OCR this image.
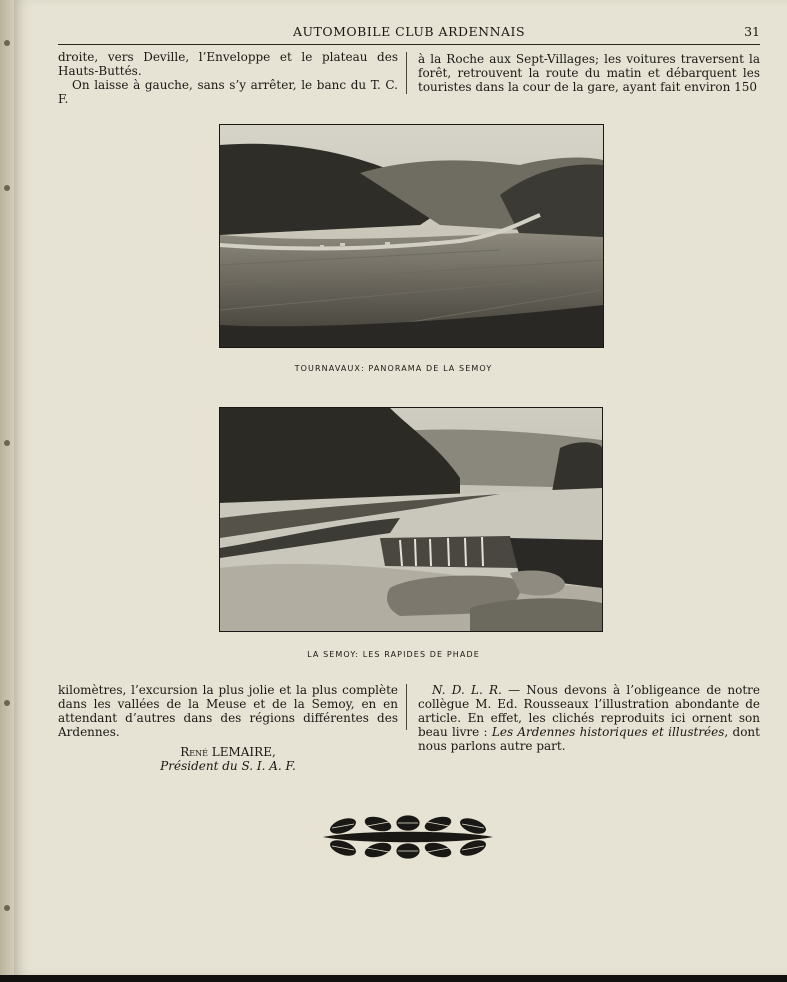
AUTOMOBILE CLUB ARDENNAIS	31

droite, vers Deville, l’Enveloppe et le plateau des Hauts-Buttés.

On laisse à gauche, sans s’y arrêter, le banc du T. C. F.

à la Roche aux Sept-Villages; les voitures traversent la forêt, retrouvent la route du matin et débarquent les touristes dans la cour de la gare, ayant fait environ 150

TOURNAVAUX: PANORAMA DE LA SEMOY
LA SEMOY: LES RAPIDES DE PHADE

kilomètres, l’excursion la plus jolie et la plus complète dans les vallées de la Meuse et de la Semoy, en en attendant d’autres dans des régions différentes des Ardennes.

René LEMAIRE,
Président du S. I. A. F.

N. D. L. R. — Nous devons à l’obligeance de notre collègue M. Ed. Rousseaux l’illustration abondante de article. En effet, les clichés reproduits ici ornent son beau livre : Les Ardennes historiques et illustrées, dont nous parlons autre part.
